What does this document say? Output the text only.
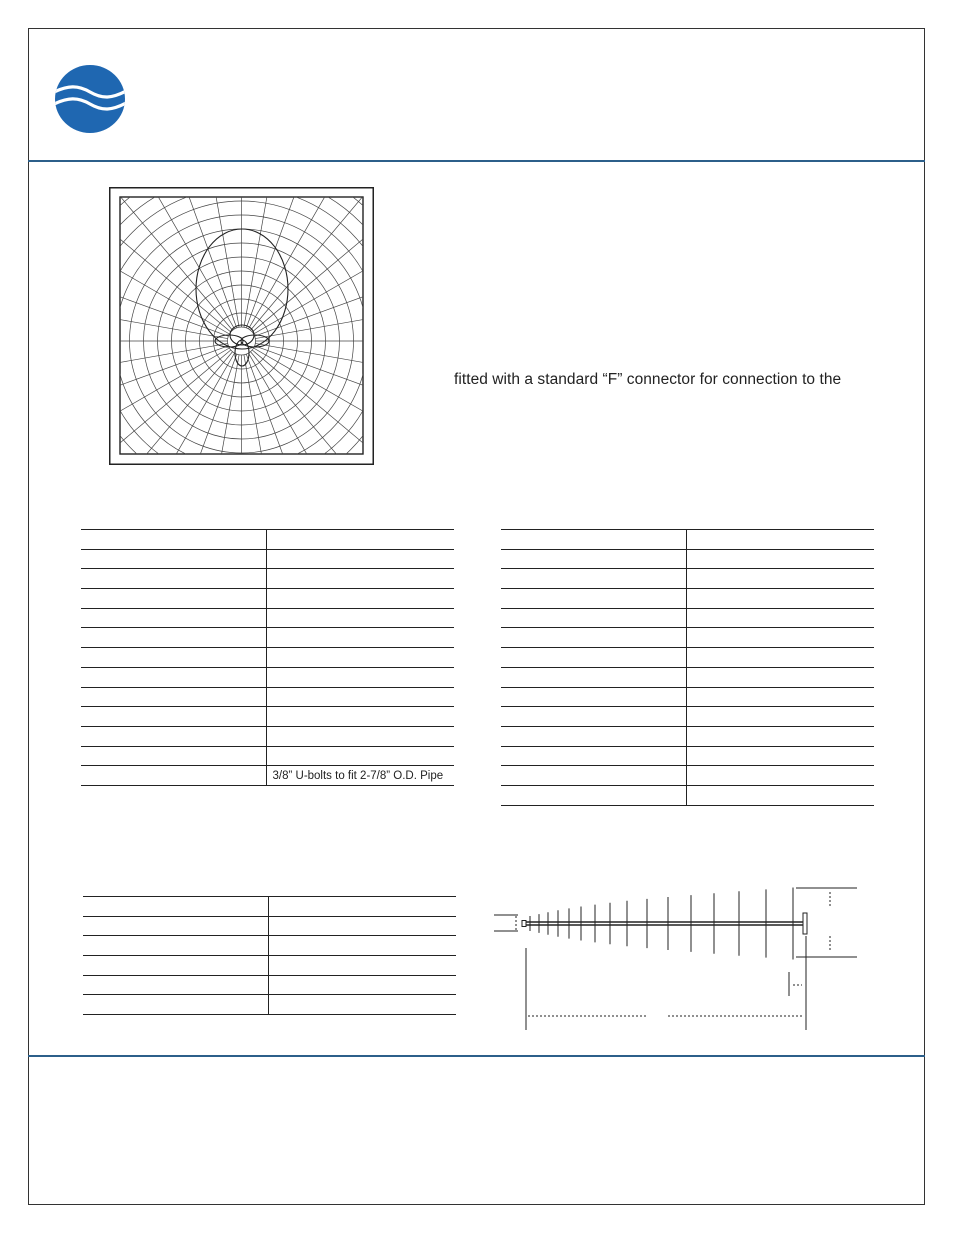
fitted with a standard “F” connector for connection to the

	3/8” U-bolts to fit 2-7/8” O.D. Pipe
